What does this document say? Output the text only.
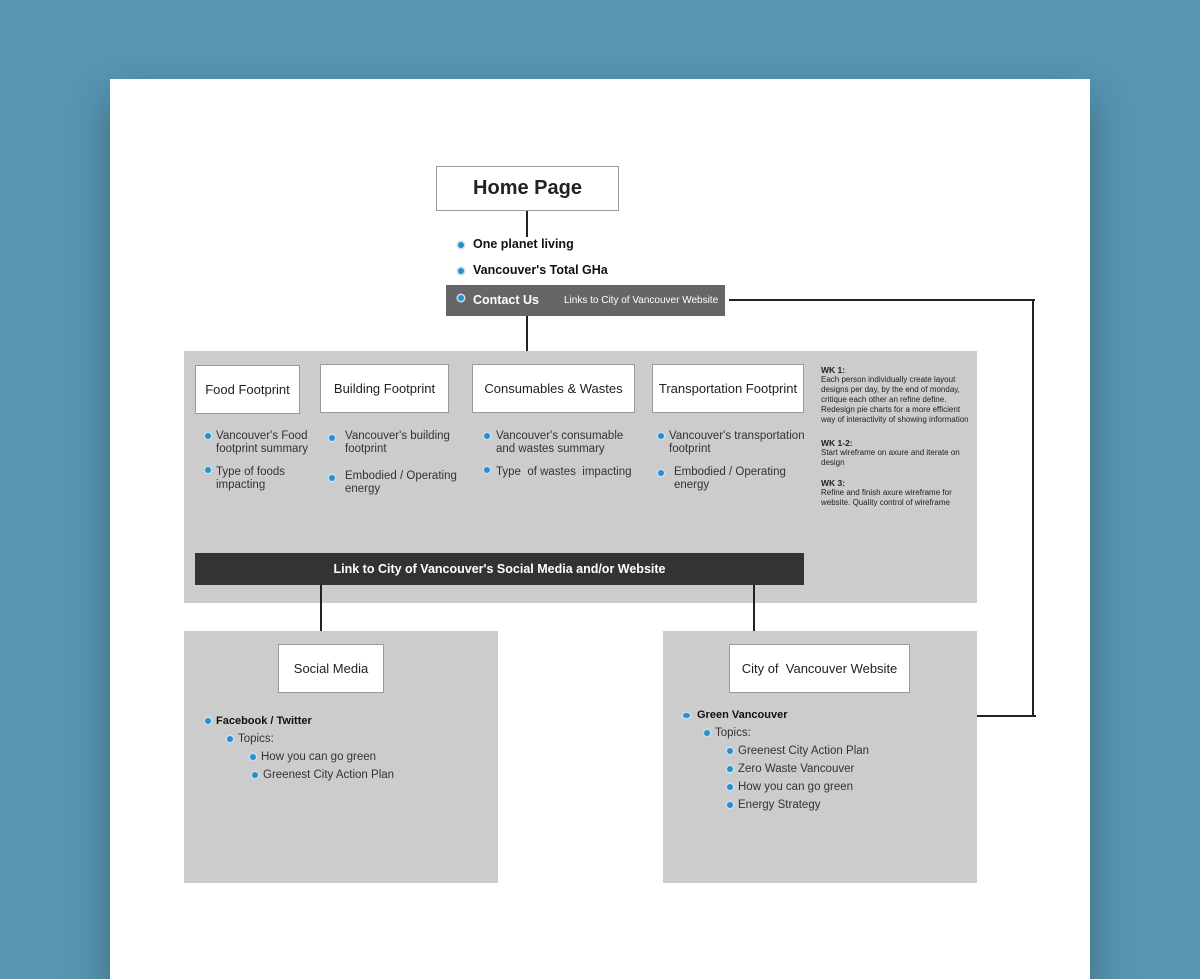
Home Page
One planet living
Vancouver's Total GHa
Contact Us	Links to City of Vancouver Website
Food Footprint	Building Footprint	Consumables & Wastes	Transportation Footprint
Vancouver's Food footprint summary
Type of foods impacting
Vancouver's building footprint
Embodied / Operating energy
Vancouver's consumable and wastes summary
Type  of wastes  impacting
Vancouver's transportation footprint
Embodied / Operating energy
WK 1:
Each person individually create layout designs per day, by the end of monday, critique each other an refine define. Redesign pie charts for a more efficient way of interactivity of showing information
WK 1-2:
Start wireframe on axure and iterate on design
WK 3:
Refine and finish axure wireframe for website. Quality control of wireframe
Link to City of Vancouver's Social Media and/or Website
Social Media
Facebook / Twitter
Topics:
How you can go green
Greenest City Action Plan
City of  Vancouver Website
Green Vancouver
Topics:
Greenest City Action Plan
Zero Waste Vancouver
How you can go green
Energy Strategy
